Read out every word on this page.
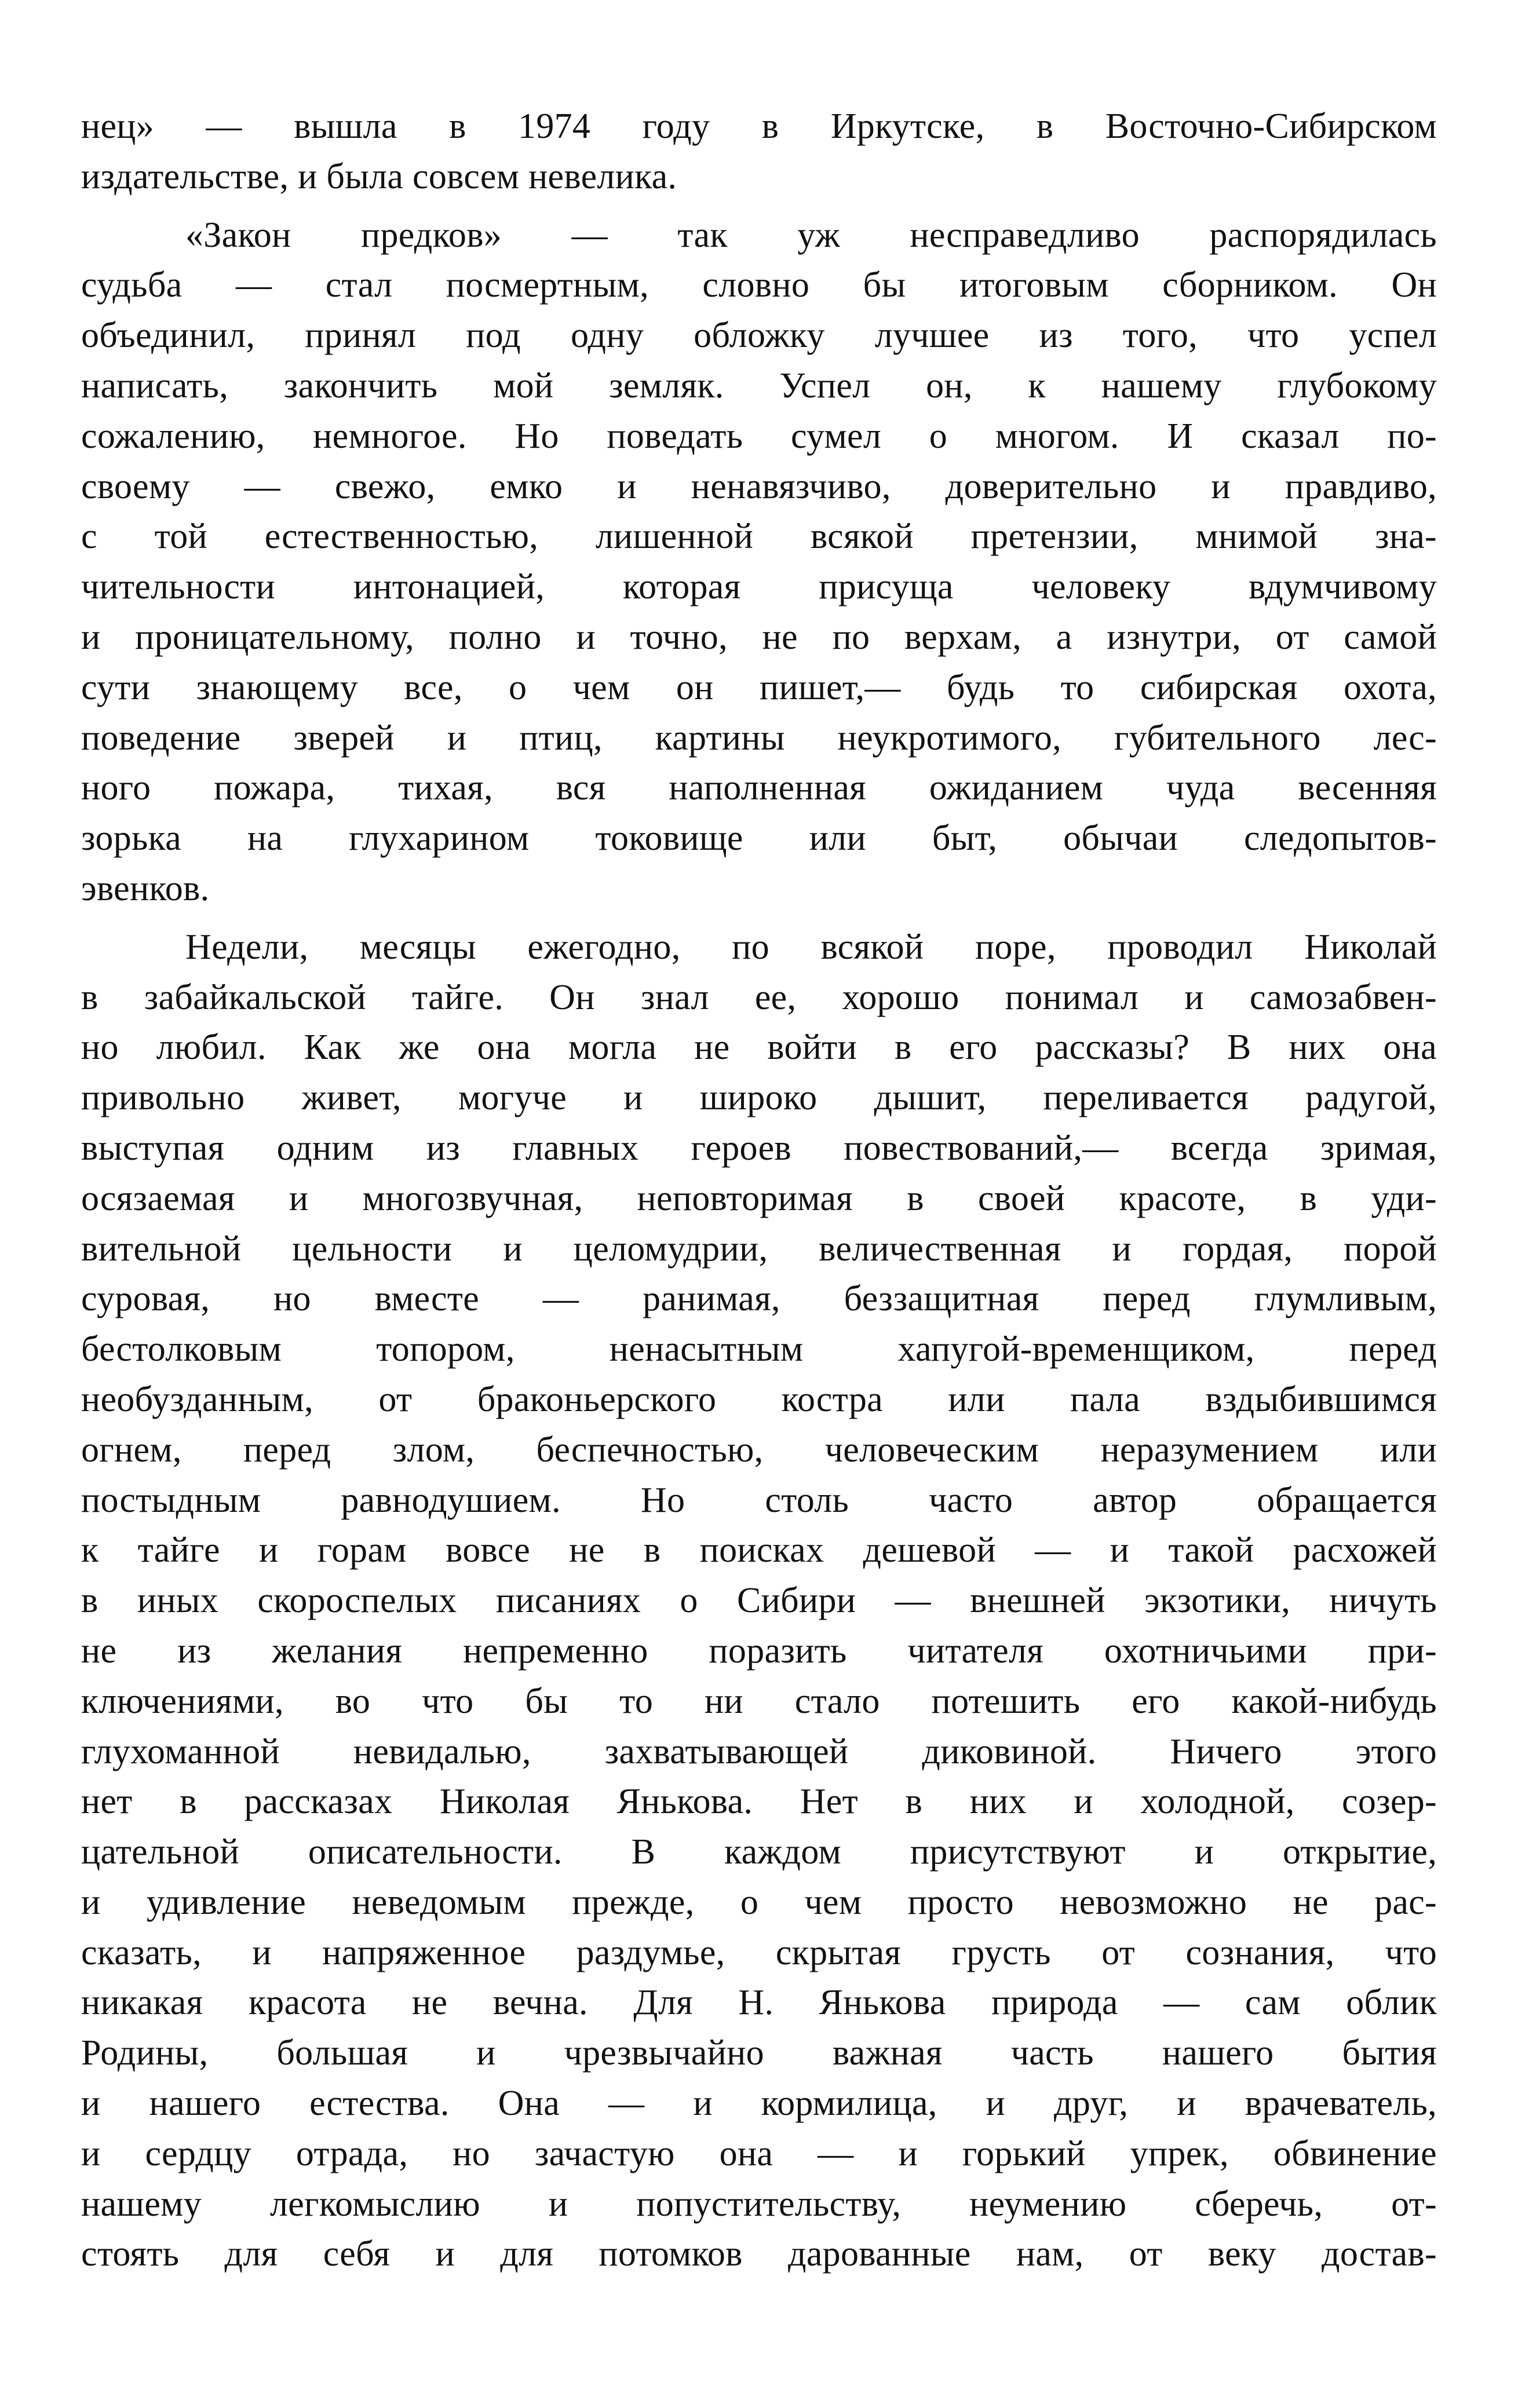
нец» — вышла в 1974 году в Иркутске, в Восточно-Сибирском
издательстве, и была совсем невелика.

«Закон предков» — так уж несправедливо распорядилась
судьба — стал посмертным, словно бы итоговым сборником. Он
объединил, принял под одну обложку лучшее из того, что успел
написать, закончить мой земляк. Успел он, к нашему глубокому
сожалению, немногое. Но поведать сумел о многом. И сказал по-
своему — свежо, емко и ненавязчиво, доверительно и правдиво,
с той естественностью, лишенной всякой претензии, мнимой зна-
чительности интонацией, которая присуща человеку вдумчивому
и проницательному, полно и точно, не по верхам, а изнутри, от самой
сути знающему все, о чем он пишет,— будь то сибирская охота,
поведение зверей и птиц, картины неукротимого, губительного лес-
ного пожара, тихая, вся наполненная ожиданием чуда весенняя
зорька на глухарином токовище или быт, обычаи следопытов-
эвенков.

Недели, месяцы ежегодно, по всякой поре, проводил Николай
в забайкальской тайге. Он знал ее, хорошо понимал и самозабвен-
но любил. Как же она могла не войти в его рассказы? В них она
привольно живет, могуче и широко дышит, переливается радугой,
выступая одним из главных героев повествований,— всегда зримая,
осязаемая и многозвучная, неповторимая в своей красоте, в уди-
вительной цельности и целомудрии, величественная и гордая, порой
суровая, но вместе — ранимая, беззащитная перед глумливым,
бестолковым топором, ненасытным хапугой-временщиком, перед
необузданным, от браконьерского костра или пала вздыбившимся
огнем, перед злом, беспечностью, человеческим неразумением или
постыдным равнодушием. Но столь часто автор обращается
к тайге и горам вовсе не в поисках дешевой — и такой расхожей
в иных скороспелых писаниях о Сибири — внешней экзотики, ничуть
не из желания непременно поразить читателя охотничьими при-
ключениями, во что бы то ни стало потешить его какой-нибудь
глухоманной невидалью, захватывающей диковиной. Ничего этого
нет в рассказах Николая Янькова. Нет в них и холодной, созер-
цательной описательности. В каждом присутствуют и открытие,
и удивление неведомым прежде, о чем просто невозможно не рас-
сказать, и напряженное раздумье, скрытая грусть от сознания, что
никакая красота не вечна. Для Н. Янькова природа — сам облик
Родины, большая и чрезвычайно важная часть нашего бытия
и нашего естества. Она — и кормилица, и друг, и врачеватель,
и сердцу отрада, но зачастую она — и горький упрек, обвинение
нашему легкомыслию и попустительству, неумению сберечь, от-
стоять для себя и для потомков дарованные нам, от веку достав-
